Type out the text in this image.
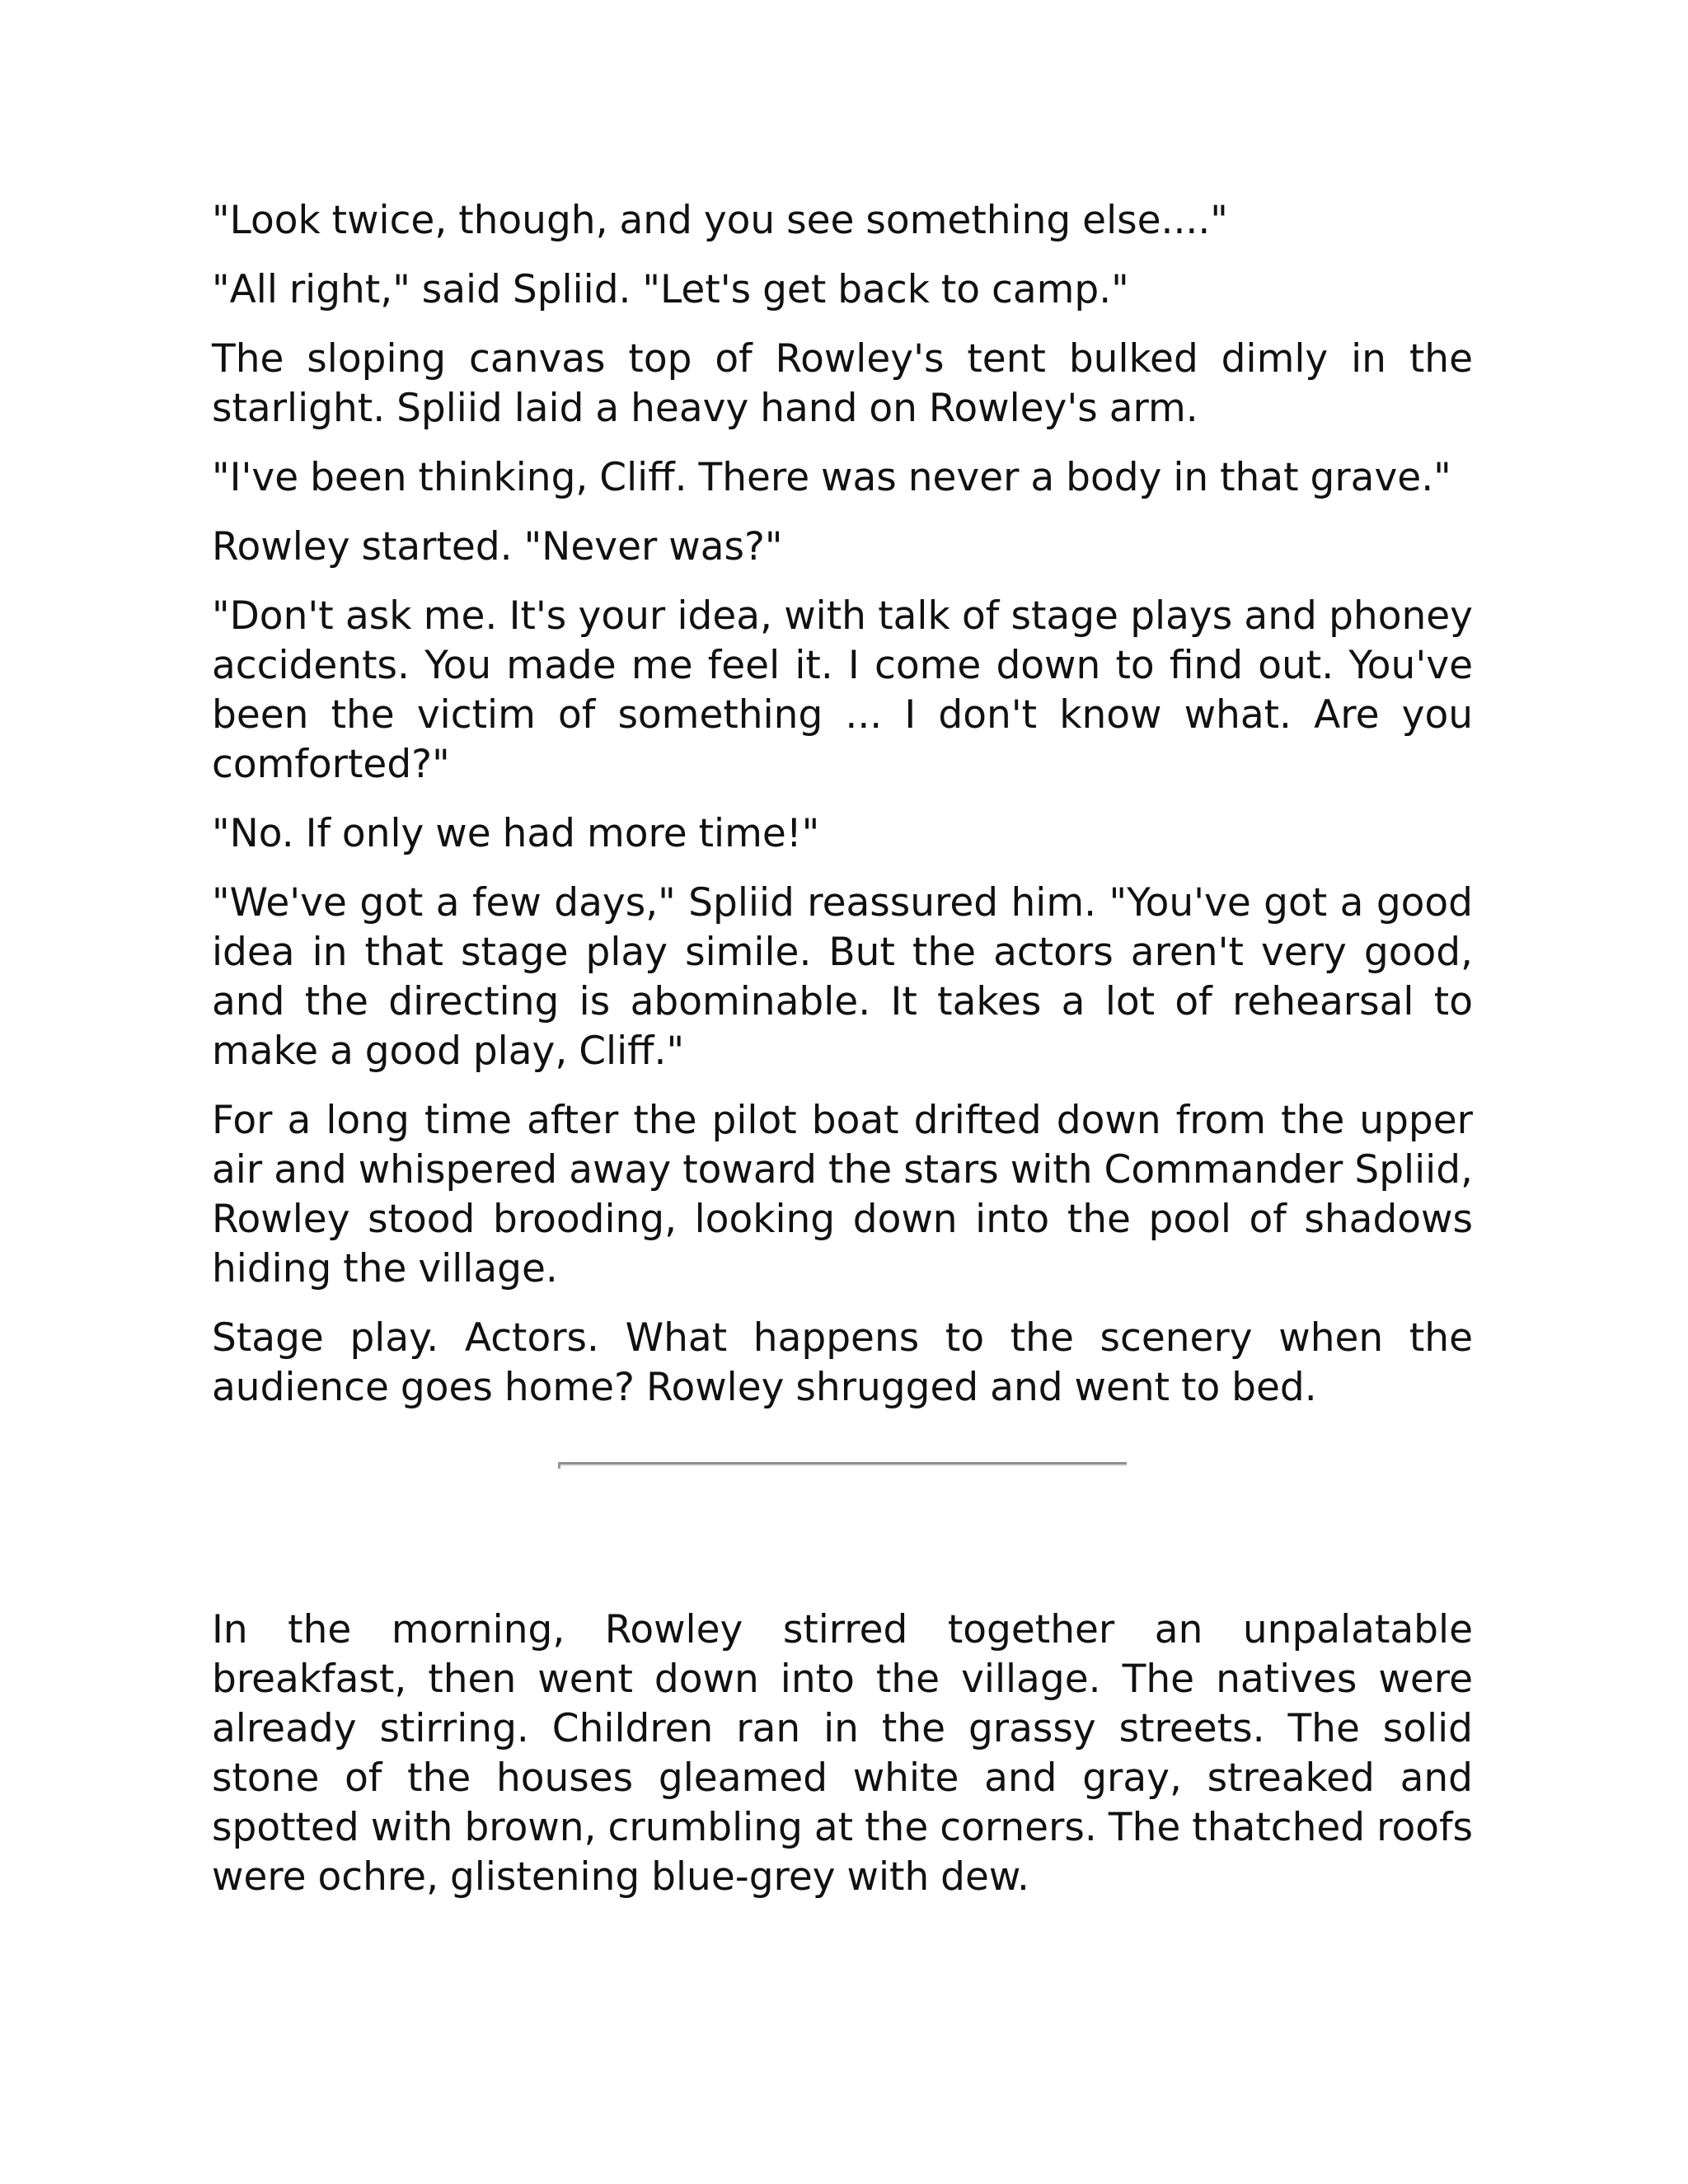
"Look twice, though, and you see something else...."

"All right," said Spliid. "Let's get back to camp."

The sloping canvas top of Rowley's tent bulked dimly in the starlight. Spliid laid a heavy hand on Rowley's arm.

"I've been thinking, Cliff. There was never a body in that grave."

Rowley started. "Never was?"

"Don't ask me. It's your idea, with talk of stage plays and phoney accidents. You made me feel it. I come down to find out. You've been the victim of something ... I don't know what. Are you comforted?"

"No. If only we had more time!"

"We've got a few days," Spliid reassured him. "You've got a good idea in that stage play simile. But the actors aren't very good, and the directing is abominable. It takes a lot of rehearsal to make a good play, Cliff."

For a long time after the pilot boat drifted down from the upper air and whispered away toward the stars with Commander Spliid, Rowley stood brooding, looking down into the pool of shadows hiding the village.

Stage play. Actors. What happens to the scenery when the audience goes home? Rowley shrugged and went to bed.

In the morning, Rowley stirred together an unpalatable breakfast, then went down into the village. The natives were already stirring. Children ran in the grassy streets. The solid stone of the houses gleamed white and gray, streaked and spotted with brown, crumbling at the corners. The thatched roofs were ochre, glistening blue-grey with dew.
